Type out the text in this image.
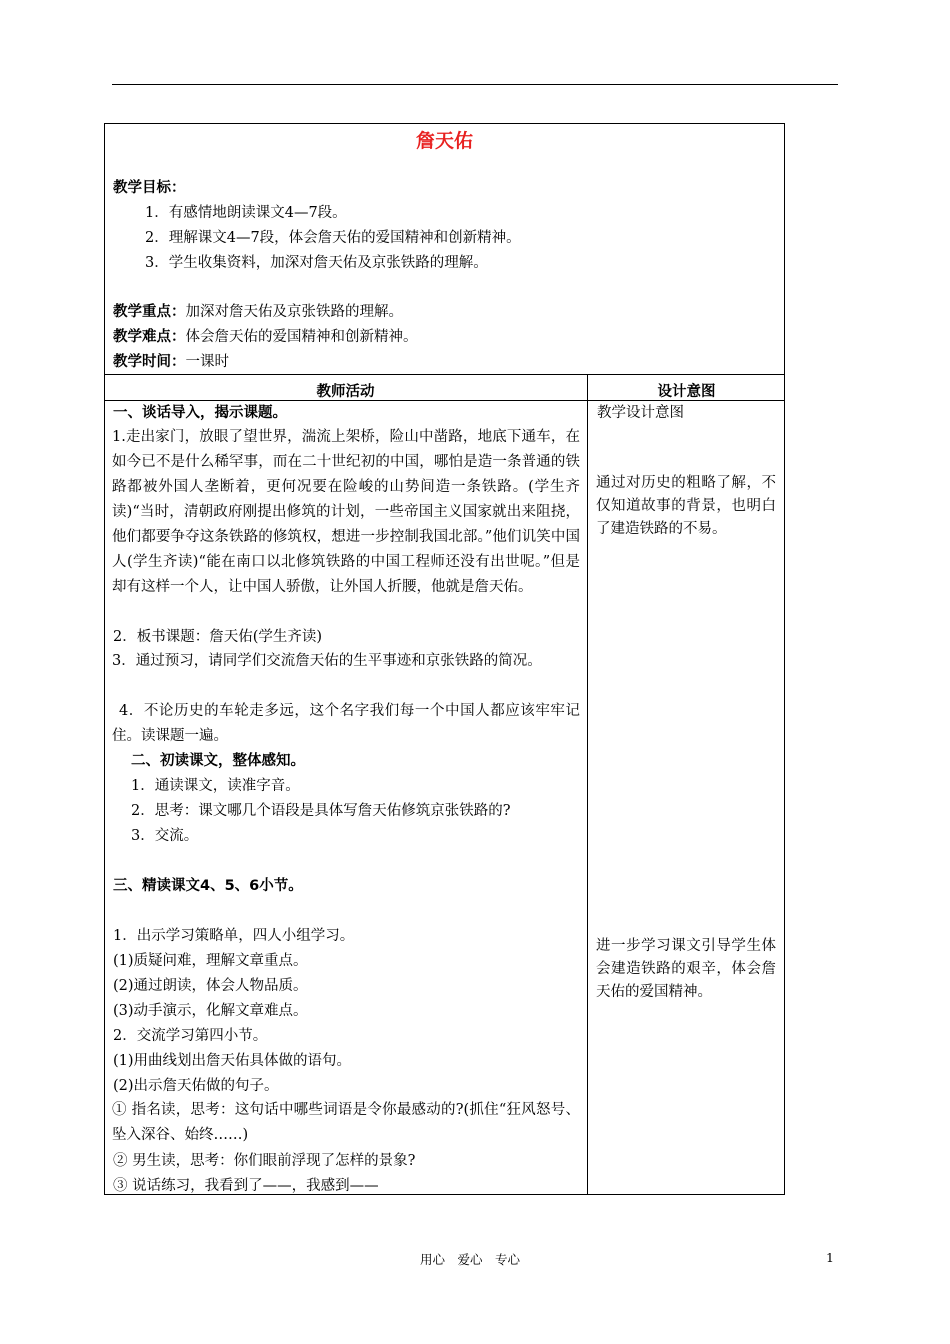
詹天佑
教学目标：
1．有感情地朗读课文4—7段。
2．理解课文4—7段，体会詹天佑的爱国精神和创新精神。
3．学生收集资料，加深对詹天佑及京张铁路的理解。
教学重点：加深对詹天佑及京张铁路的理解。
教学难点：体会詹天佑的爱国精神和创新精神。
教学时间：一课时
教师活动	设计意图
一、谈话导入，揭示课题。
1.走出家门，放眼了望世界，湍流上架桥，险山中凿路，地底下通车，在如今已不是什么稀罕事，而在二十世纪初的中国，哪怕是造一条普通的铁路都被外国人垄断着，更何况要在险峻的山势间造一条铁路。(学生齐读)“当时，清朝政府刚提出修筑的计划，一些帝国主义国家就出来阻挠，他们都要争夺这条铁路的修筑权，想进一步控制我国北部。”他们讥笑中国人(学生齐读)“能在南口以北修筑铁路的中国工程师还没有出世呢。”但是却有这样一个人，让中国人骄傲，让外国人折腰，他就是詹天佑。
2．板书课题：詹天佑(学生齐读)
3．通过预习，请同学们交流詹天佑的生平事迹和京张铁路的简况。
4．不论历史的车轮走多远，这个名字我们每一个中国人都应该牢牢记住。读课题一遍。
二、初读课文，整体感知。
1．通读课文，读准字音。
2．思考：课文哪几个语段是具体写詹天佑修筑京张铁路的?
3．交流。
三、精读课文4、5、6小节。
1．出示学习策略单，四人小组学习。
(1)质疑问难，理解文章重点。
(2)通过朗读，体会人物品质。
(3)动手演示，化解文章难点。
2．交流学习第四小节。
(1)用曲线划出詹天佑具体做的语句。
(2)出示詹天佑做的句子。
① 指名读，思考：这句话中哪些词语是令你最感动的?(抓住“狂风怒号、坠入深谷、始终……)
② 男生读，思考：你们眼前浮现了怎样的景象?
③ 说话练习，我看到了——，我感到——
教学设计意图
通过对历史的粗略了解，不仅知道故事的背景，也明白了建造铁路的不易。
进一步学习课文引导学生体会建造铁路的艰辛，体会詹天佑的爱国精神。
用心　爱心　专心	1
